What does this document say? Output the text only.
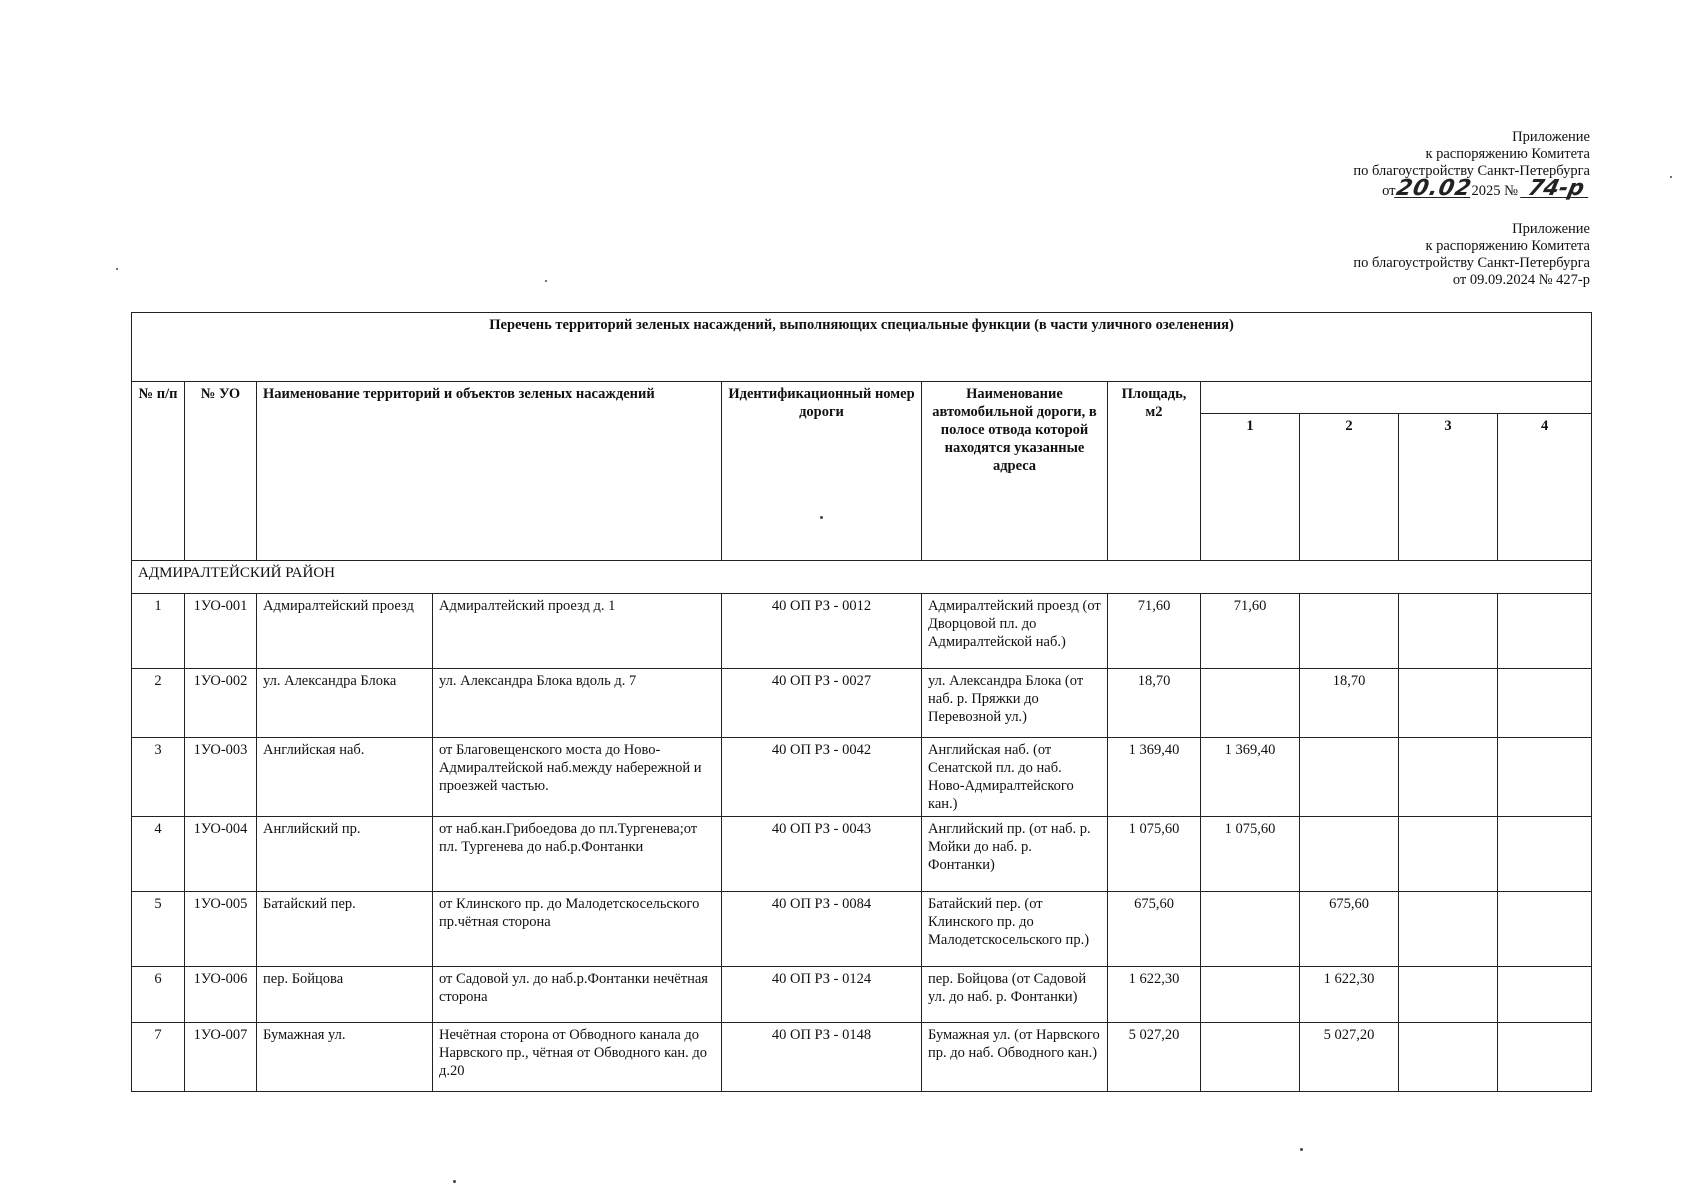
Приложение
к распоряжению Комитета
по благоустройству Санкт-Петербурга
от20.022025 № 74-р
Приложение
к распоряжению Комитета
по благоустройству Санкт-Петербурга
от 09.09.2024 № 427-р
Перечень территорий зеленых насаждений, выполняющих специальные функции (в части уличного озеленения)										
№ п/п	№ УО	Наименование территорий и объектов зеленых насаждений		Идентификационный номер дороги	Наименование автомобильной дороги, в полосе отвода которой находятся указанные адреса	Площадь, м2				
							1	2	3	4
АДМИРАЛТЕЙСКИЙ РАЙОН										
1	1УО-001	Адмиралтейский проезд	Адмиралтейский проезд д. 1	40 ОП РЗ - 0012	Адмиралтейский проезд (от Дворцовой пл. до Адмиралтейской наб.)	71,60	71,60			
2	1УО-002	ул. Александра Блока	ул. Александра Блока вдоль д. 7	40 ОП РЗ - 0027	ул. Александра Блока (от наб. р. Пряжки до Перевозной ул.)	18,70		18,70		
3	1УО-003	Английская наб.	от Благовещенского моста до Ново-Адмиралтейской наб.между набережной и проезжей частью.	40 ОП РЗ - 0042	Английская наб. (от Сенатской пл. до наб. Ново-Адмиралтейского кан.)	1 369,40	1 369,40			
4	1УО-004	Английский пр.	от наб.кан.Грибоедова до пл.Тургенева;от пл. Тургенева до наб.р.Фонтанки	40 ОП РЗ - 0043	Английский пр. (от наб. р. Мойки до наб. р. Фонтанки)	1 075,60	1 075,60			
5	1УО-005	Батайский пер.	от Клинского пр. до Малодетскосельского пр.чётная сторона	40 ОП РЗ - 0084	Батайский пер. (от Клинского пр. до Малодетскосельского пр.)	675,60		675,60		
6	1УО-006	пер. Бойцова	от Садовой ул. до наб.р.Фонтанки нечётная сторона	40 ОП РЗ - 0124	пер. Бойцова (от Садовой ул. до наб. р. Фонтанки)	1 622,30		1 622,30		
7	1УО-007	Бумажная ул.	Нечётная сторона от Обводного канала до Нарвского пр., чётная от Обводного кан. до д.20	40 ОП РЗ - 0148	Бумажная ул. (от Нарвского пр. до наб. Обводного кан.)	5 027,20		5 027,20		
